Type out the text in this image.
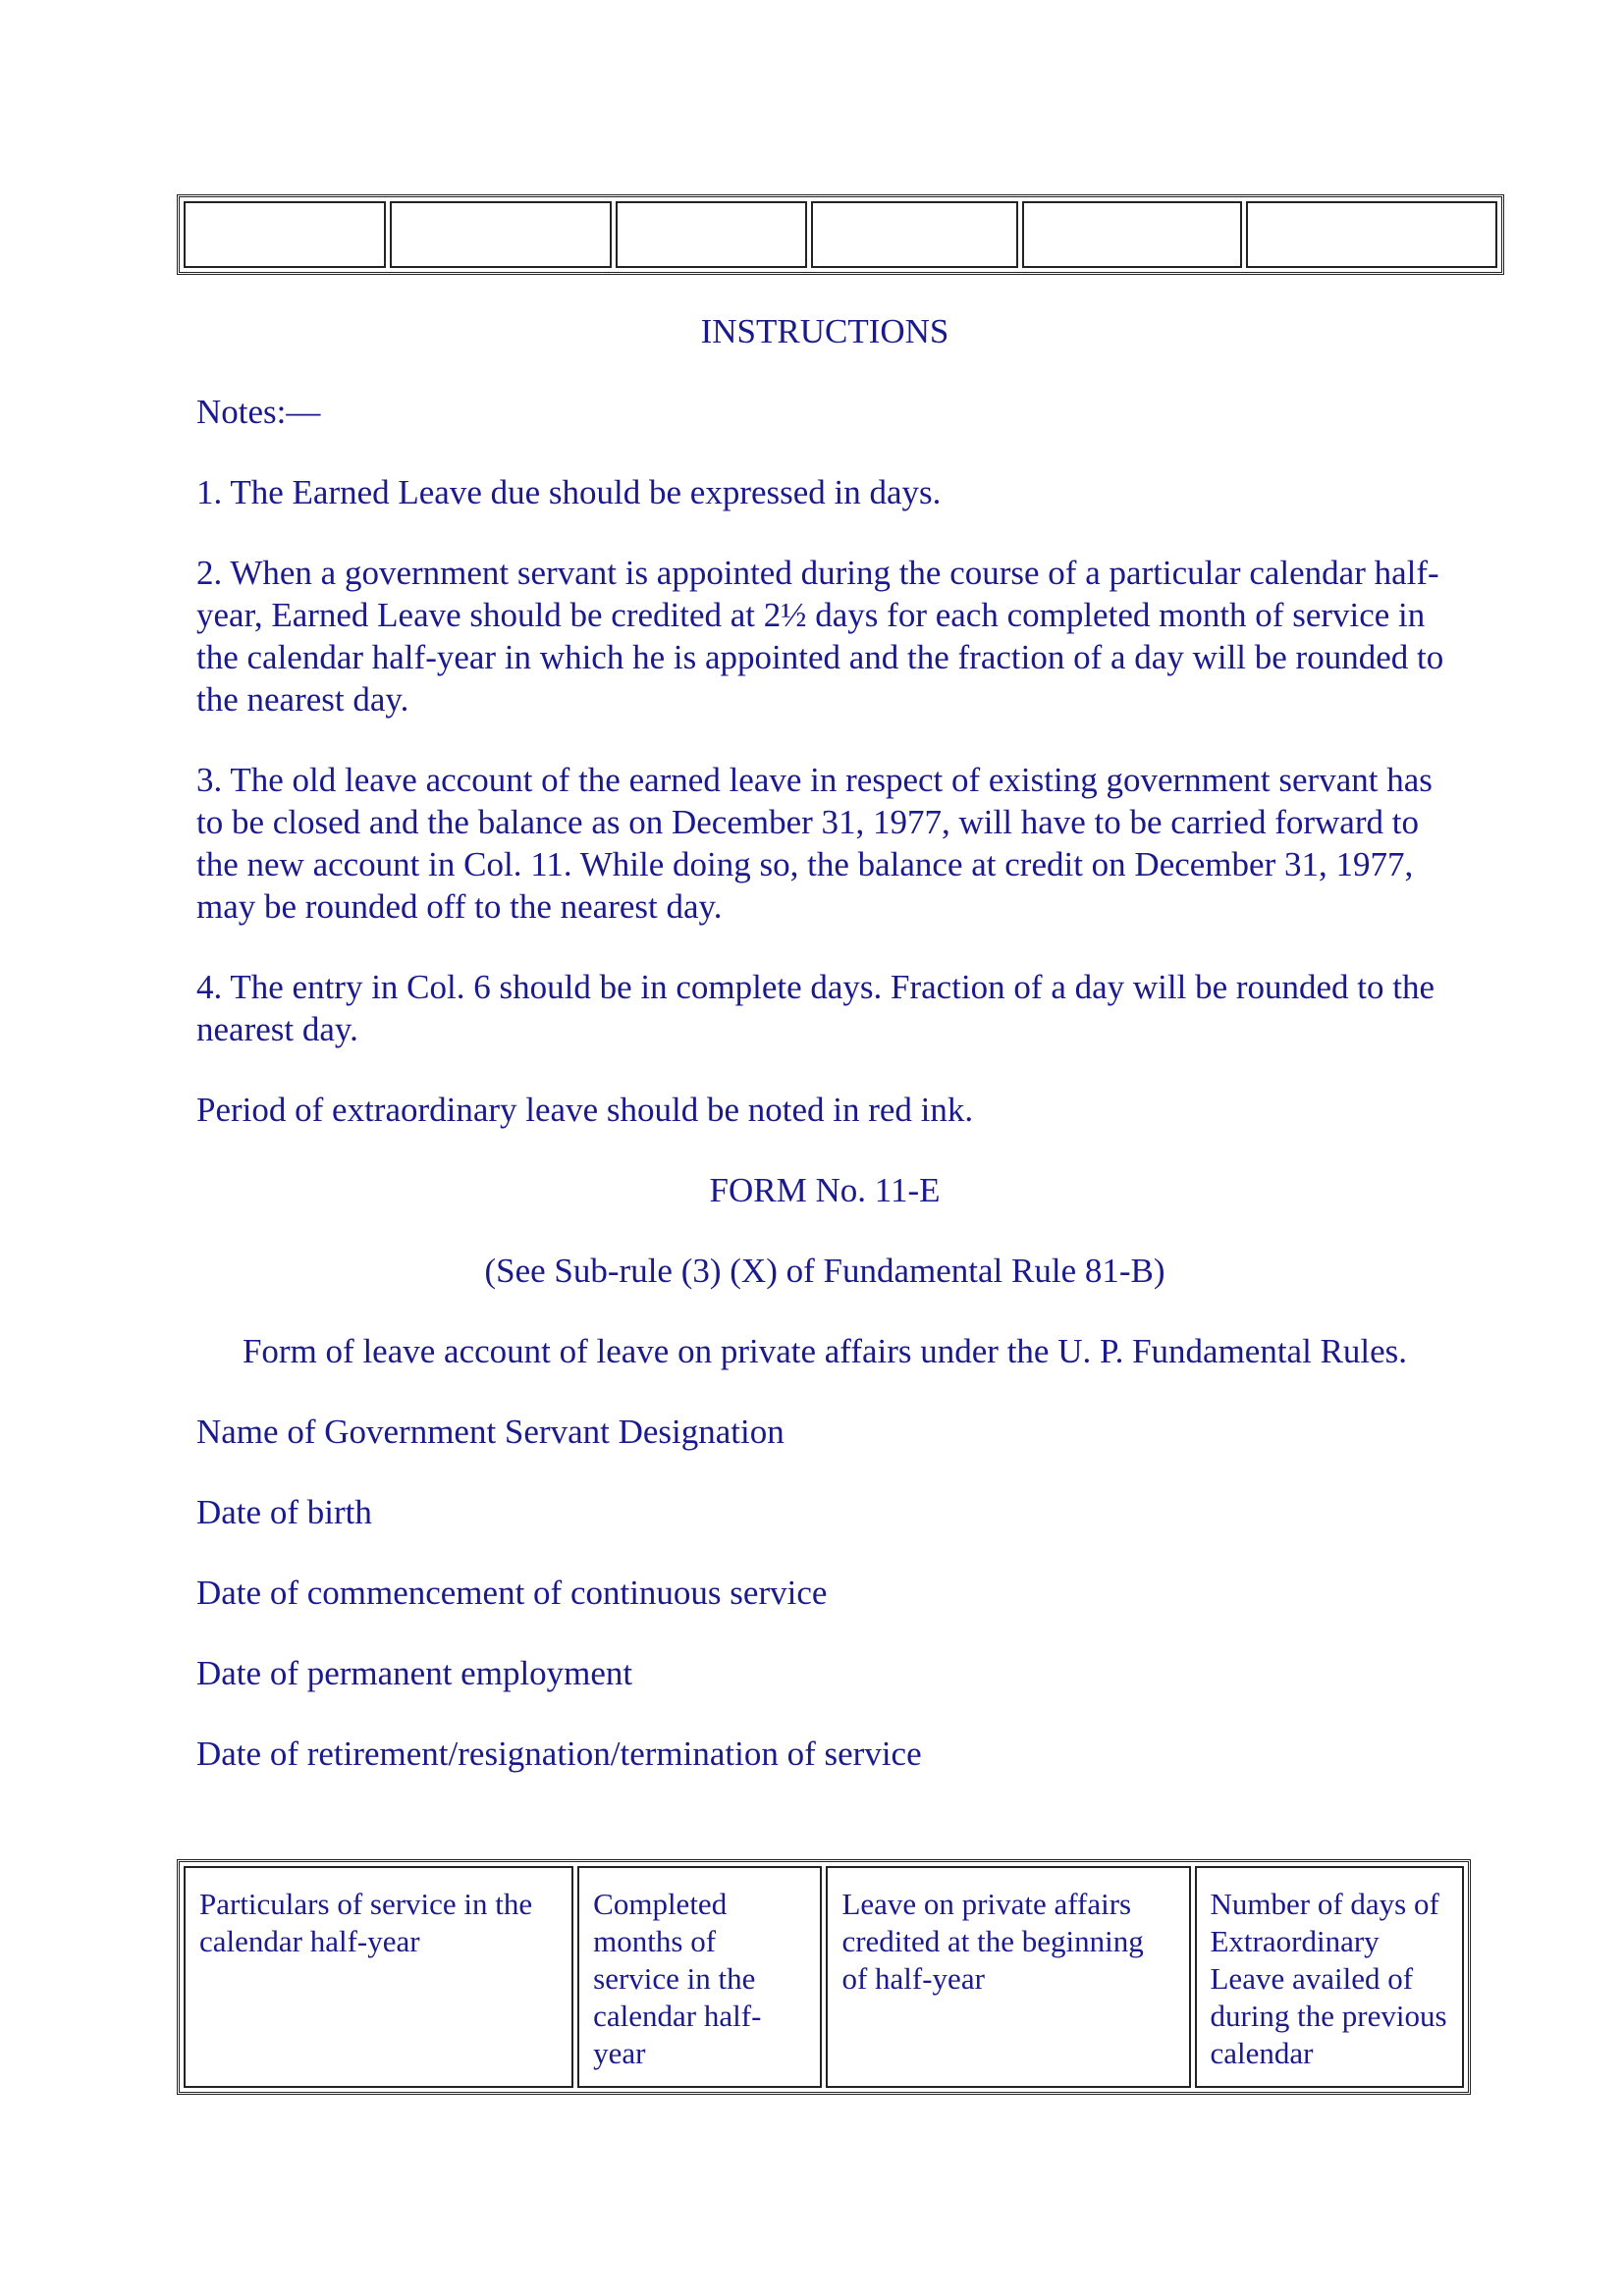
INSTRUCTIONS

Notes:—

1. The Earned Leave due should be expressed in days.

2. When a government servant is appointed during the course of a particular calendar half-year, Earned Leave should be credited at 2½ days for each completed month of service in the calendar half-year in which he is appointed and the fraction of a day will be rounded to the nearest day.

3. The old leave account of the earned leave in respect of existing government servant has to be closed and the balance as on December 31, 1977, will have to be carried forward to the new account in Col. 11. While doing so, the balance at credit on December 31, 1977, may be rounded off to the nearest day.

4. The entry in Col. 6 should be in complete days. Fraction of a day will be rounded to the nearest day.

Period of extraordinary leave should be noted in red ink.

FORM No. 11-E

(See Sub-rule (3) (X) of Fundamental Rule 81-B)

Form of leave account of leave on private affairs under the U. P. Fundamental Rules.

Name of Government Servant Designation

Date of birth

Date of commencement of continuous service

Date of permanent employment

Date of retirement/resignation/termination of service

Particulars of service in the calendar half-year	Completed months of service in the calendar half-year	Leave on private affairs credited at the beginning of half-year	Number of days of Extraordinary Leave availed of during the previous calendar
